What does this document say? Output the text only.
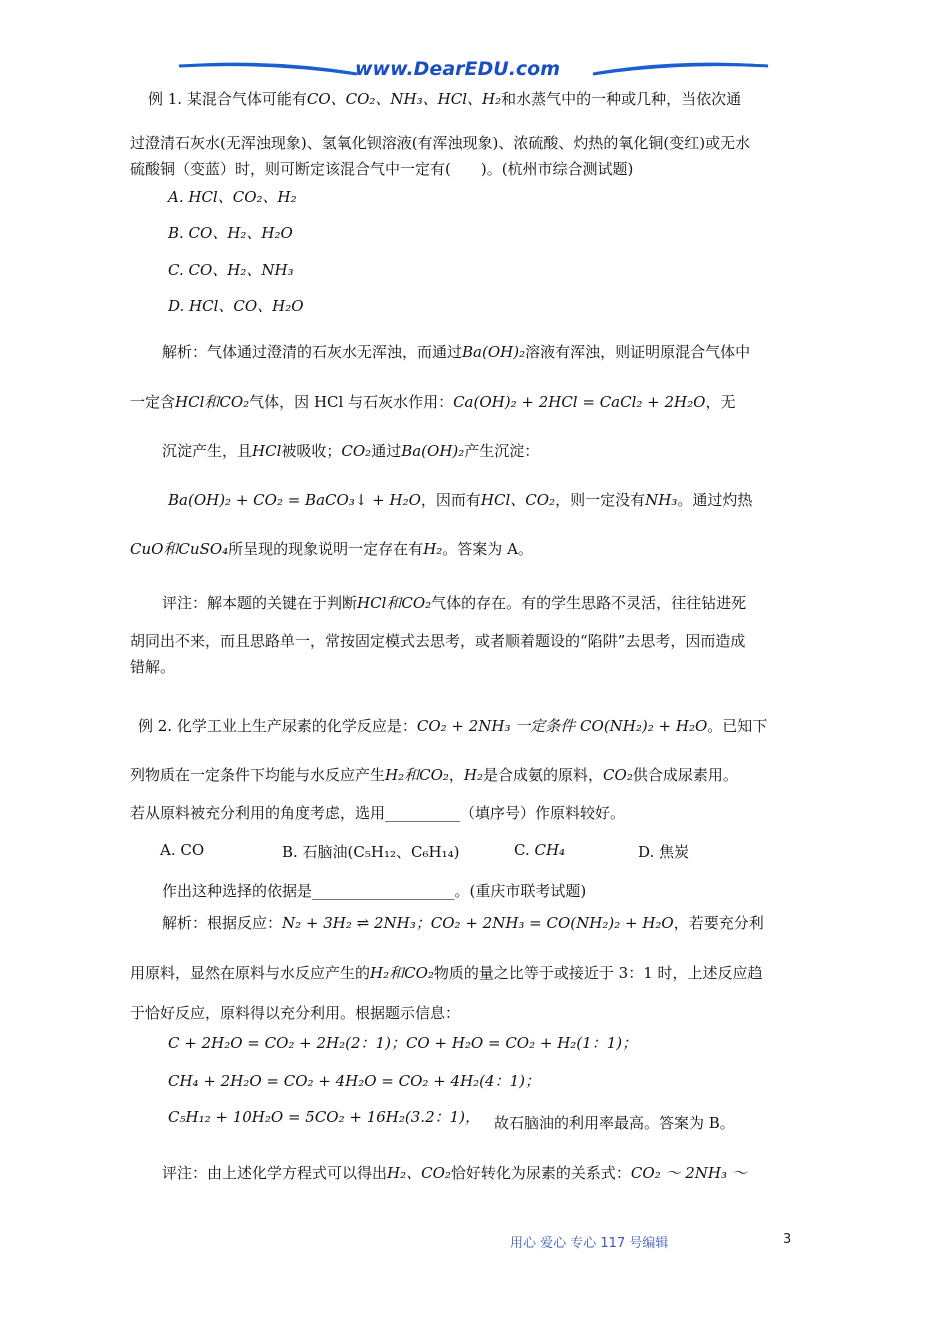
www.DearEDU.com
例 1. 某混合气体可能有CO、CO₂、NH₃、HCl、H₂和水蒸气中的一种或几种，当依次通
过澄清石灰水(无浑浊现象)、氢氧化钡溶液(有浑浊现象)、浓硫酸、灼热的氧化铜(变红)或无水
硫酸铜（变蓝）时，则可断定该混合气中一定有(　　)。(杭州市综合测试题)
A. HCl、CO₂、H₂
B. CO、H₂、H₂O
C. CO、H₂、NH₃
D. HCl、CO、H₂O
解析：气体通过澄清的石灰水无浑浊，而通过Ba(OH)₂溶液有浑浊，则证明原混合气体中
一定含HCl和CO₂气体，因 HCl 与石灰水作用：Ca(OH)₂ + 2HCl = CaCl₂ + 2H₂O，无
沉淀产生，且HCl被吸收；CO₂通过Ba(OH)₂产生沉淀：
Ba(OH)₂ + CO₂ = BaCO₃↓ + H₂O，因而有HCl、CO₂，则一定没有NH₃。通过灼热
CuO和CuSO₄所呈现的现象说明一定存在有H₂。答案为 A。
评注：解本题的关键在于判断HCl和CO₂气体的存在。有的学生思路不灵活，往往钻进死
胡同出不来，而且思路单一，常按固定模式去思考，或者顺着题设的“陷阱”去思考，因而造成
错解。
例 2. 化学工业上生产尿素的化学反应是：CO₂ + 2NH₃ 一定条件 CO(NH₂)₂ + H₂O。已知下
列物质在一定条件下均能与水反应产生H₂和CO₂，H₂是合成氨的原料，CO₂供合成尿素用。
若从原料被充分利用的角度考虑，选用__________（填序号）作原料较好。
A. CO	B. 石脑油(C₅H₁₂、C₆H₁₄)	C. CH₄	D. 焦炭
作出这种选择的依据是___________________。(重庆市联考试题)
解析：根据反应：N₂ + 3H₂ ⇌ 2NH₃；CO₂ + 2NH₃ = CO(NH₂)₂ + H₂O，若要充分利
用原料，显然在原料与水反应产生的H₂和CO₂物质的量之比等于或接近于 3：1 时，上述反应趋
于恰好反应，原料得以充分利用。根据题示信息：
C + 2H₂O = CO₂ + 2H₂(2：1)；CO + H₂O = CO₂ + H₂(1：1)；
CH₄ + 2H₂O = CO₂ + 4H₂O = CO₂ + 4H₂(4：1)；
C₅H₁₂ + 10H₂O = 5CO₂ + 16H₂(3.2：1)， 故石脑油的利用率最高。答案为 B。
评注：由上述化学方程式可以得出H₂、CO₂恰好转化为尿素的关系式：CO₂ ～ 2NH₃ ～
用心 爱心 专心 117 号编辑	3
